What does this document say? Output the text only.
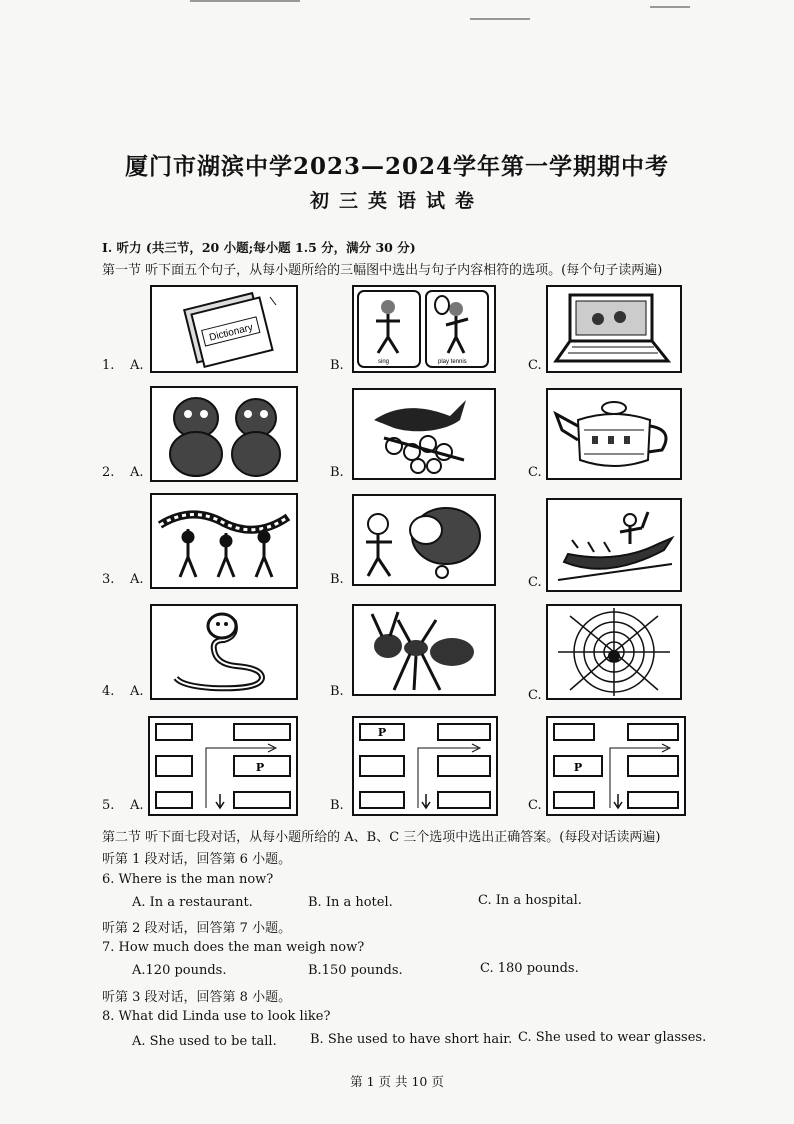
厦门市湖滨中学2023—2024学年第一学期期中考
初三英语试卷
I. 听力 (共三节，20 小题;每小题 1.5 分，满分 30 分)
第一节 听下面五个句子，从每小题所给的三幅图中选出与句子内容相符的选项。(每个句子读两遍)
1. A.
Dictionary
B.	sing	play tennis	C.
2. A.	B.	C.
3. A.	B.	C.
4. A.	B.	C.
5. A.
P
B.
P
C.
P
第二节 听下面七段对话，从每小题所给的 A、B、C 三个选项中选出正确答案。(每段对话读两遍)
听第 1 段对话，回答第 6 小题。
6. Where is the man now?
A. In a restaurant.	B. In a hotel.	C. In a hospital.
听第 2 段对话，回答第 7 小题。
7. How much does the man weigh now?
A.120 pounds.	B.150 pounds.	C. 180 pounds.
听第 3 段对话，回答第 8 小题。
8. What did Linda use to look like?
A. She used to be tall.	B. She used to have short hair. C. She used to wear glasses.
第 1 页 共 10 页
